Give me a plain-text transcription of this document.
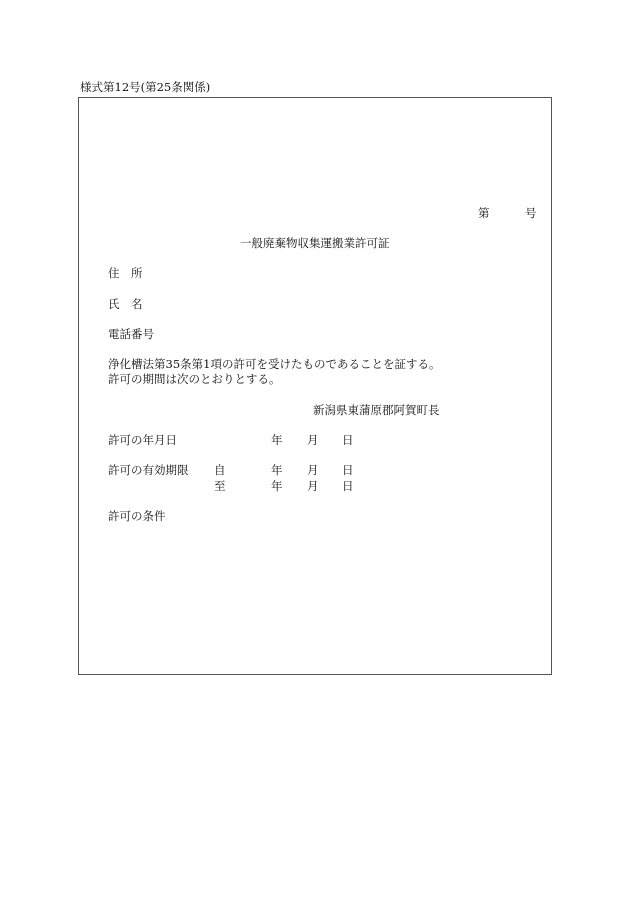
様式第12号(第25条関係)
第	号
一般廃棄物収集運搬業許可証
住　所
氏　名
電話番号
浄化槽法第35条第1項の許可を受けたものであることを証する。
許可の期間は次のとおりとする。
新潟県東蒲原郡阿賀町長
許可の年月日	年 月 日
許可の有効期限 自	年 月 日
至	年 月 日
許可の条件
